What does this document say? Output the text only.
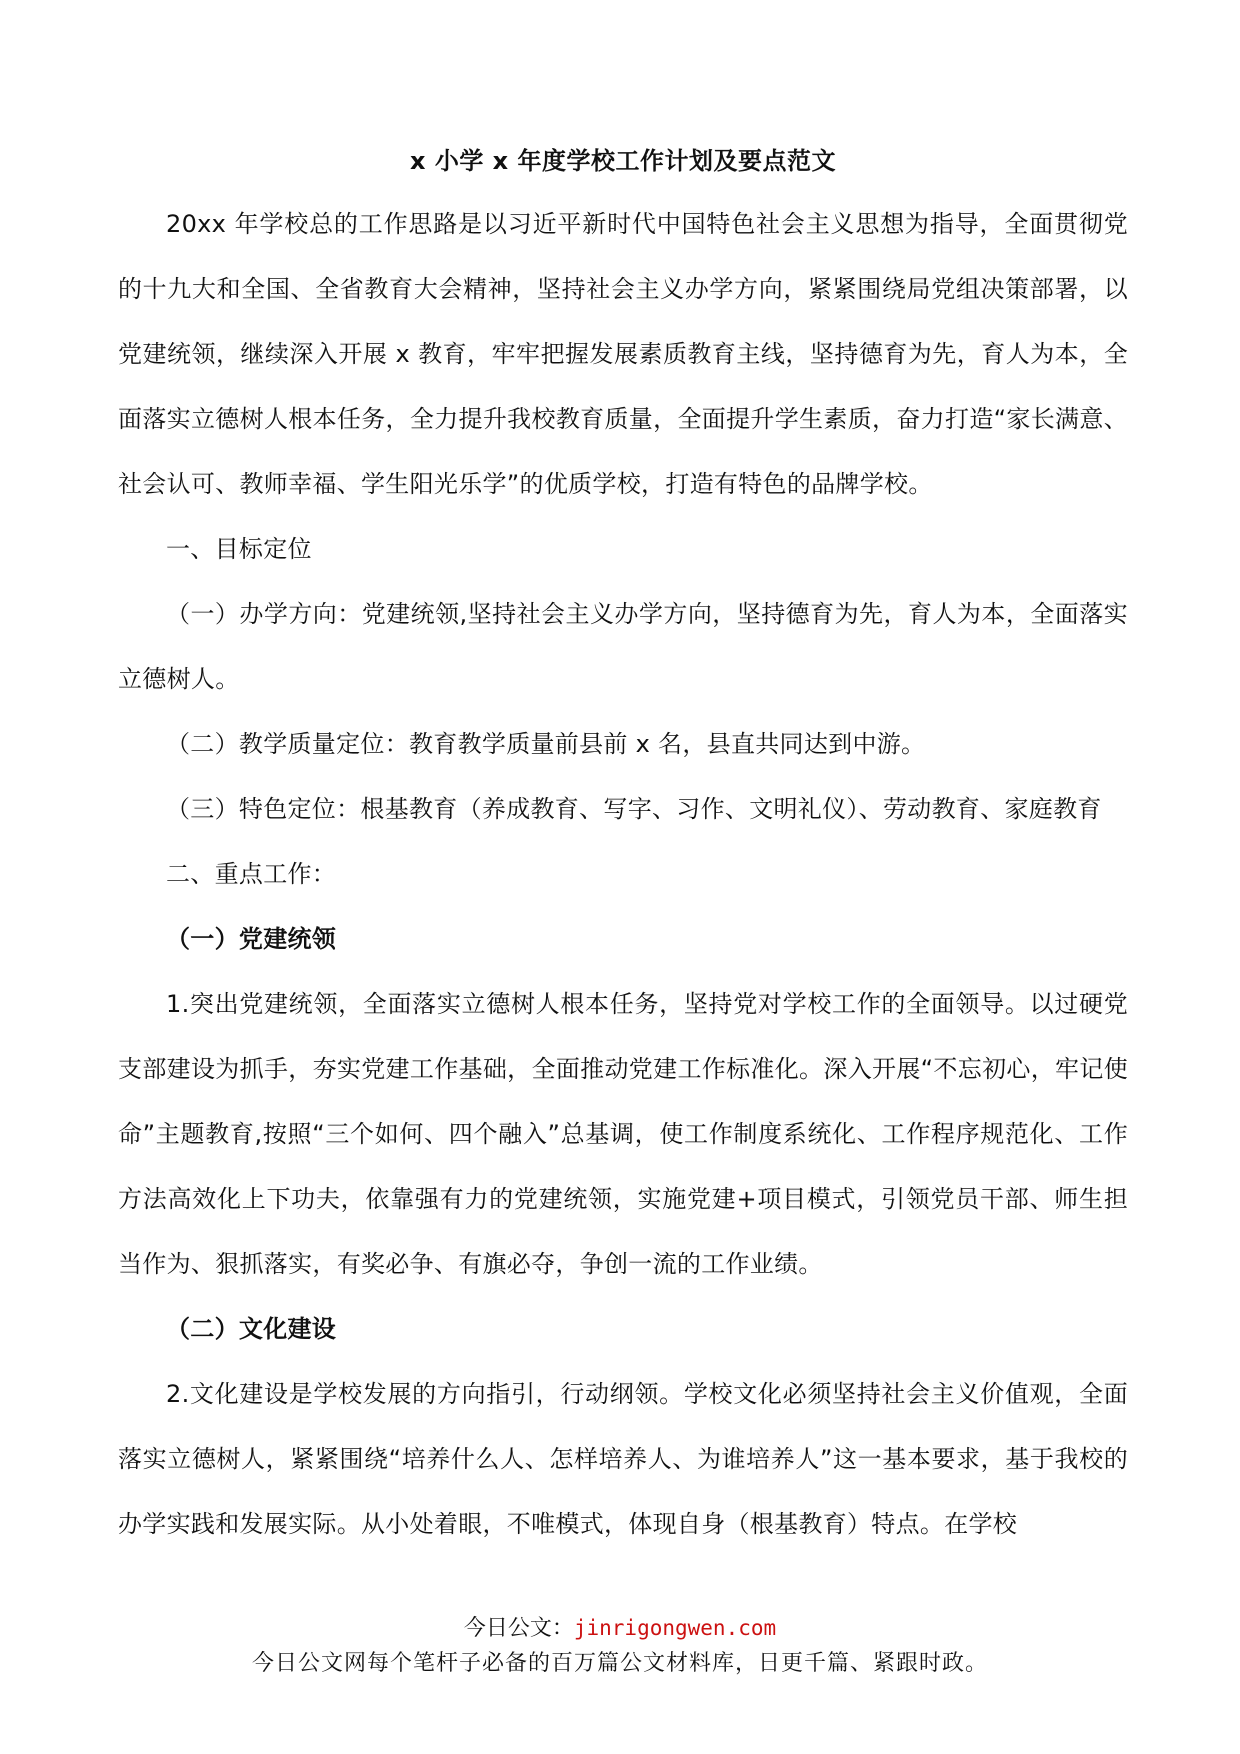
x 小学 x 年度学校工作计划及要点范文

20xx 年学校总的工作思路是以习近平新时代中国特色社会主义思想为指导，全面贯彻党的十九大和全国、全省教育大会精神，坚持社会主义办学方向，紧紧围绕局党组决策部署，以党建统领，继续深入开展 x 教育，牢牢把握发展素质教育主线，坚持德育为先，育人为本，全面落实立德树人根本任务，全力提升我校教育质量，全面提升学生素质，奋力打造“家长满意、社会认可、教师幸福、学生阳光乐学”的优质学校，打造有特色的品牌学校。

一、目标定位

（一）办学方向：党建统领,坚持社会主义办学方向，坚持德育为先，育人为本，全面落实立德树人。

（二）教学质量定位：教育教学质量前县前 x 名，县直共同达到中游。

（三）特色定位：根基教育（养成教育、写字、习作、文明礼仪）、劳动教育、家庭教育

二、重点工作：

（一）党建统领

1.突出党建统领，全面落实立德树人根本任务，坚持党对学校工作的全面领导。以过硬党支部建设为抓手，夯实党建工作基础，全面推动党建工作标准化。深入开展“不忘初心，牢记使命”主题教育,按照“三个如何、四个融入”总基调，使工作制度系统化、工作程序规范化、工作方法高效化上下功夫，依靠强有力的党建统领，实施党建+项目模式，引领党员干部、师生担当作为、狠抓落实，有奖必争、有旗必夺，争创一流的工作业绩。

（二）文化建设

2.文化建设是学校发展的方向指引，行动纲领。学校文化必须坚持社会主义价值观，全面落实立德树人，紧紧围绕“培养什么人、怎样培养人、为谁培养人”这一基本要求，基于我校的办学实践和发展实际。从小处着眼，不唯模式，体现自身（根基教育）特点。在学校

今日公文：jinrigongwen.com
今日公文网每个笔杆子必备的百万篇公文材料库，日更千篇、紧跟时政。
